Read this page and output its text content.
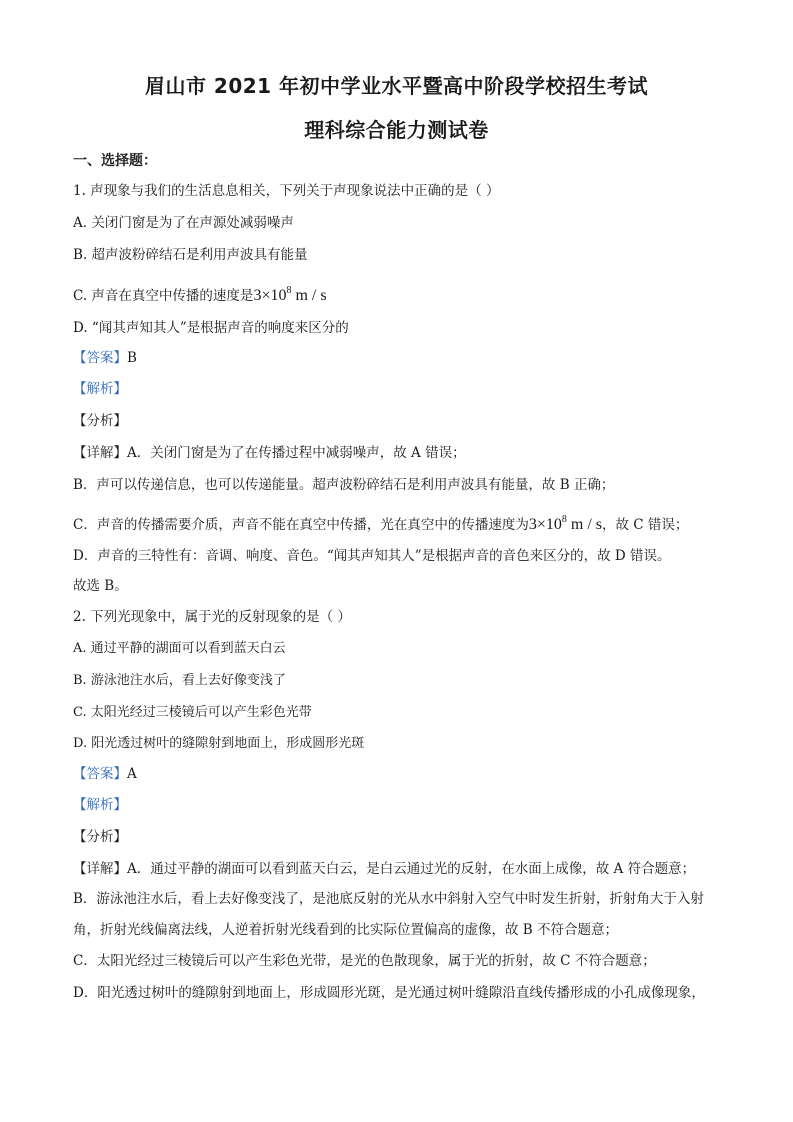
眉山市 2021 年初中学业水平暨高中阶段学校招生考试
理科综合能力测试卷
一、选择题：
1. 声现象与我们的生活息息相关，下列关于声现象说法中正确的是（ ）
A. 关闭门窗是为了在声源处减弱噪声
B. 超声波粉碎结石是利用声波具有能量
C. 声音在真空中传播的速度是$3\times 10^8$ m / s
D. “闻其声知其人”是根据声音的响度来区分的
【答案】B
【解析】
【分析】
【详解】A．关闭门窗是为了在传播过程中减弱噪声，故 A 错误；
B．声可以传递信息，也可以传递能量。超声波粉碎结石是利用声波具有能量，故 B 正确；
C．声音的传播需要介质，声音不能在真空中传播，光在真空中的传播速度为$3\times 10^8$ m / s，故 C 错误；
D．声音的三特性有：音调、响度、音色。“闻其声知其人”是根据声音的音色来区分的，故 D 错误。
故选 B。
2. 下列光现象中，属于光的反射现象的是（ ）
A. 通过平静的湖面可以看到蓝天白云
B. 游泳池注水后，看上去好像变浅了
C. 太阳光经过三棱镜后可以产生彩色光带
D. 阳光透过树叶的缝隙射到地面上，形成圆形光斑
【答案】A
【解析】
【分析】
【详解】A．通过平静的湖面可以看到蓝天白云，是白云通过光的反射，在水面上成像，故 A 符合题意；
B．游泳池注水后，看上去好像变浅了，是池底反射的光从水中斜射入空气中时发生折射，折射角大于入射
角，折射光线偏离法线，人逆着折射光线看到的比实际位置偏高的虚像，故 B 不符合题意；
C．太阳光经过三棱镜后可以产生彩色光带，是光的色散现象，属于光的折射，故 C 不符合题意；
D．阳光透过树叶的缝隙射到地面上，形成圆形光斑，是光通过树叶缝隙沿直线传播形成的小孔成像现象，
